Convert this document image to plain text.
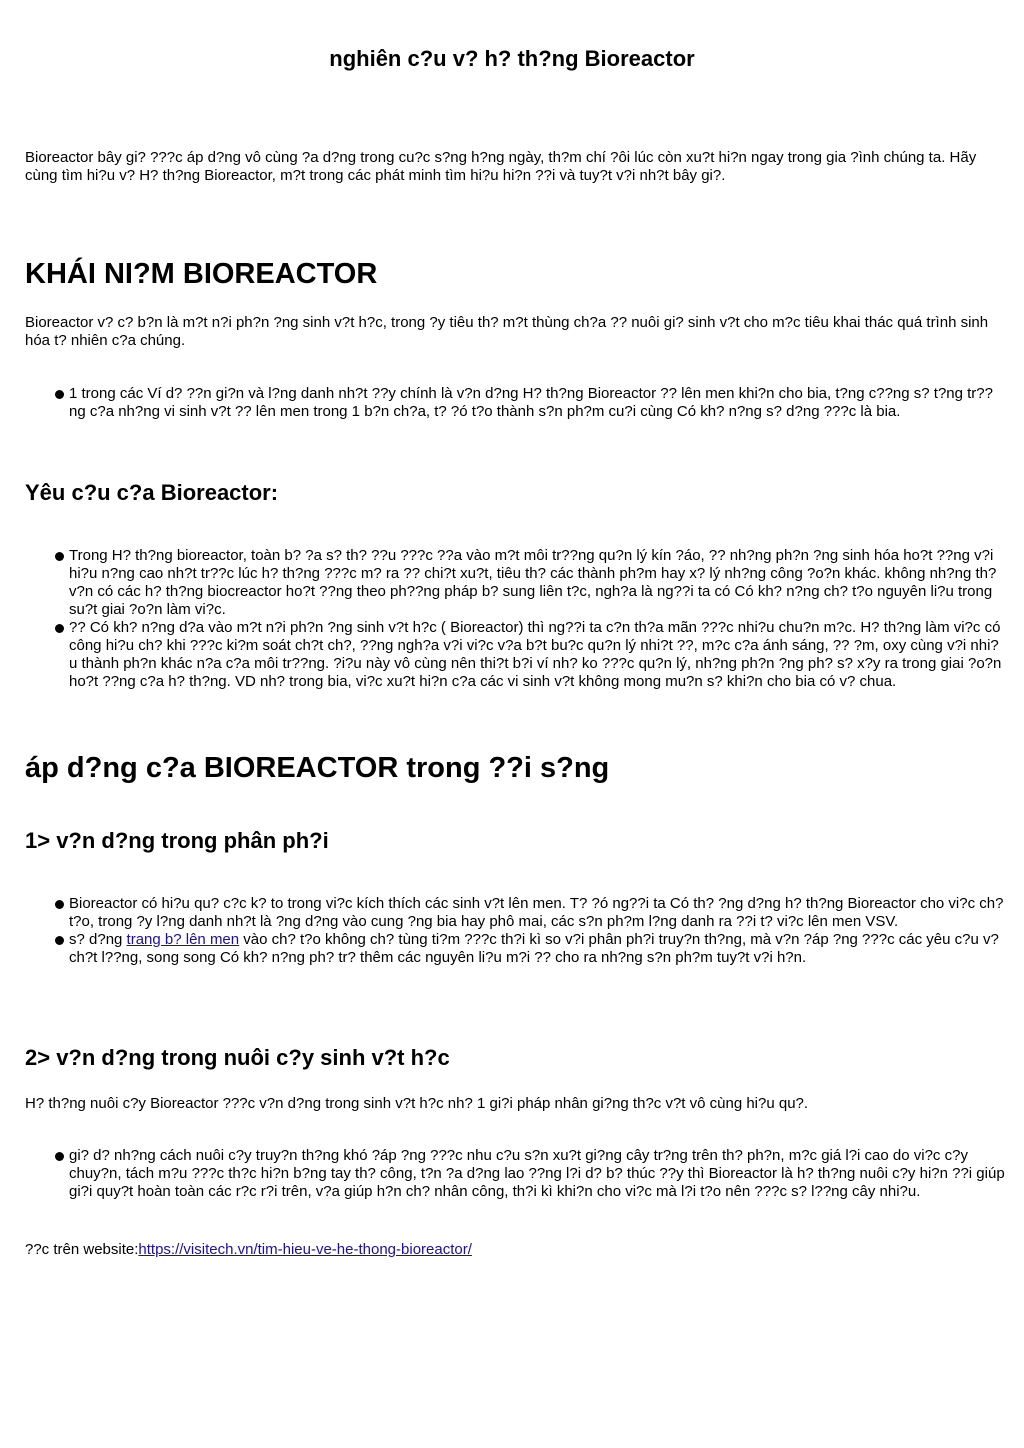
nghiên c?u v? h? th?ng Bioreactor

Bioreactor bây gi? ???c áp d?ng vô cùng ?a d?ng trong cu?c s?ng h?ng ngày, th?m chí ?ôi lúc còn xu?t hi?n ngay trong gia ?ình chúng ta. Hãy cùng tìm hi?u v? H? th?ng Bioreactor, m?t trong các phát minh tìm hi?u hi?n ??i và tuy?t v?i nh?t bây gi?.

KHÁI NI?M BIOREACTOR

Bioreactor v? c? b?n là m?t n?i ph?n ?ng sinh v?t h?c, trong ?y tiêu th? m?t thùng ch?a ?? nuôi gi? sinh v?t cho m?c tiêu khai thác quá trình sinh hóa t? nhiên c?a chúng.

1 trong các Ví d? ??n gi?n và l?ng danh nh?t ??y chính là v?n d?ng H? th?ng Bioreactor ?? lên men khi?n cho bia, t?ng c??ng s? t?ng tr??ng c?a nh?ng vi sinh v?t ?? lên men trong 1 b?n ch?a, t? ?ó t?o thành s?n ph?m cu?i cùng Có kh? n?ng s? d?ng ???c là bia.
Yêu c?u c?a Bioreactor:
Trong H? th?ng bioreactor, toàn b? ?a s? th? ??u ???c ??a vào m?t môi tr??ng qu?n lý kín ?áo, ?? nh?ng ph?n ?ng sinh hóa ho?t ??ng v?i hi?u n?ng cao nh?t tr??c lúc h? th?ng ???c m? ra ?? chi?t xu?t, tiêu th? các thành ph?m hay x? lý nh?ng công ?o?n khác. không nh?ng th? v?n có các h? th?ng biocreactor ho?t ??ng theo ph??ng pháp b? sung liên t?c, ngh?a là ng??i ta có Có kh? n?ng ch? t?o nguyên li?u trong su?t giai ?o?n làm vi?c.
?? Có kh? n?ng d?a vào m?t n?i ph?n ?ng sinh v?t h?c ( Bioreactor) thì ng??i ta c?n th?a mãn ???c nhi?u chu?n m?c. H? th?ng làm vi?c có công hi?u ch? khi ???c ki?m soát ch?t ch?, ??ng ngh?a v?i vi?c v?a b?t bu?c qu?n lý nhi?t ??, m?c c?a ánh sáng, ?? ?m, oxy cùng v?i nhi?u thành ph?n khác n?a c?a môi tr??ng. ?i?u này vô cùng nên thi?t b?i ví nh? ko ???c qu?n lý, nh?ng ph?n ?ng ph? s? x?y ra trong giai ?o?n ho?t ??ng c?a h? th?ng. VD nh? trong bia, vi?c xu?t hi?n c?a các vi sinh v?t không mong mu?n s? khi?n cho bia có v? chua.
áp d?ng c?a BIOREACTOR trong ??i s?ng
1> v?n d?ng trong phân ph?i
Bioreactor có hi?u qu? c?c k? to trong vi?c kích thích các sinh v?t lên men. T? ?ó ng??i ta Có th? ?ng d?ng h? th?ng Bioreactor cho vi?c ch? t?o, trong ?y l?ng danh nh?t là ?ng d?ng vào cung ?ng bia hay phô mai, các s?n ph?m l?ng danh ra ??i t? vi?c lên men VSV.
s? d?ng trang b? lên men vào ch? t?o không ch? tùng ti?m ???c th?i kì so v?i phân ph?i truy?n th?ng, mà v?n ?áp ?ng ???c các yêu c?u v? ch?t l??ng, song song Có kh? n?ng ph? tr? thêm các nguyên li?u m?i ?? cho ra nh?ng s?n ph?m tuy?t v?i h?n.
2> v?n d?ng trong nuôi c?y sinh v?t h?c

H? th?ng nuôi c?y Bioreactor ???c v?n d?ng trong sinh v?t h?c nh? 1 gi?i pháp nhân gi?ng th?c v?t vô cùng hi?u qu?.

gi? d? nh?ng cách nuôi c?y truy?n th?ng khó ?áp ?ng ???c nhu c?u s?n xu?t gi?ng cây tr?ng trên th? ph?n, m?c giá l?i cao do vi?c c?y chuy?n, tách m?u ???c th?c hi?n b?ng tay th? công, t?n ?a d?ng lao ??ng l?i d? b? thúc ??y thì Bioreactor là h? th?ng nuôi c?y hi?n ??i giúp gi?i quy?t hoàn toàn các r?c r?i trên, v?a giúp h?n ch? nhân công, th?i kì khi?n cho vi?c mà l?i t?o nên ???c s? l??ng cây nhi?u.

??c trên website:https://visitech.vn/tim-hieu-ve-he-thong-bioreactor/
